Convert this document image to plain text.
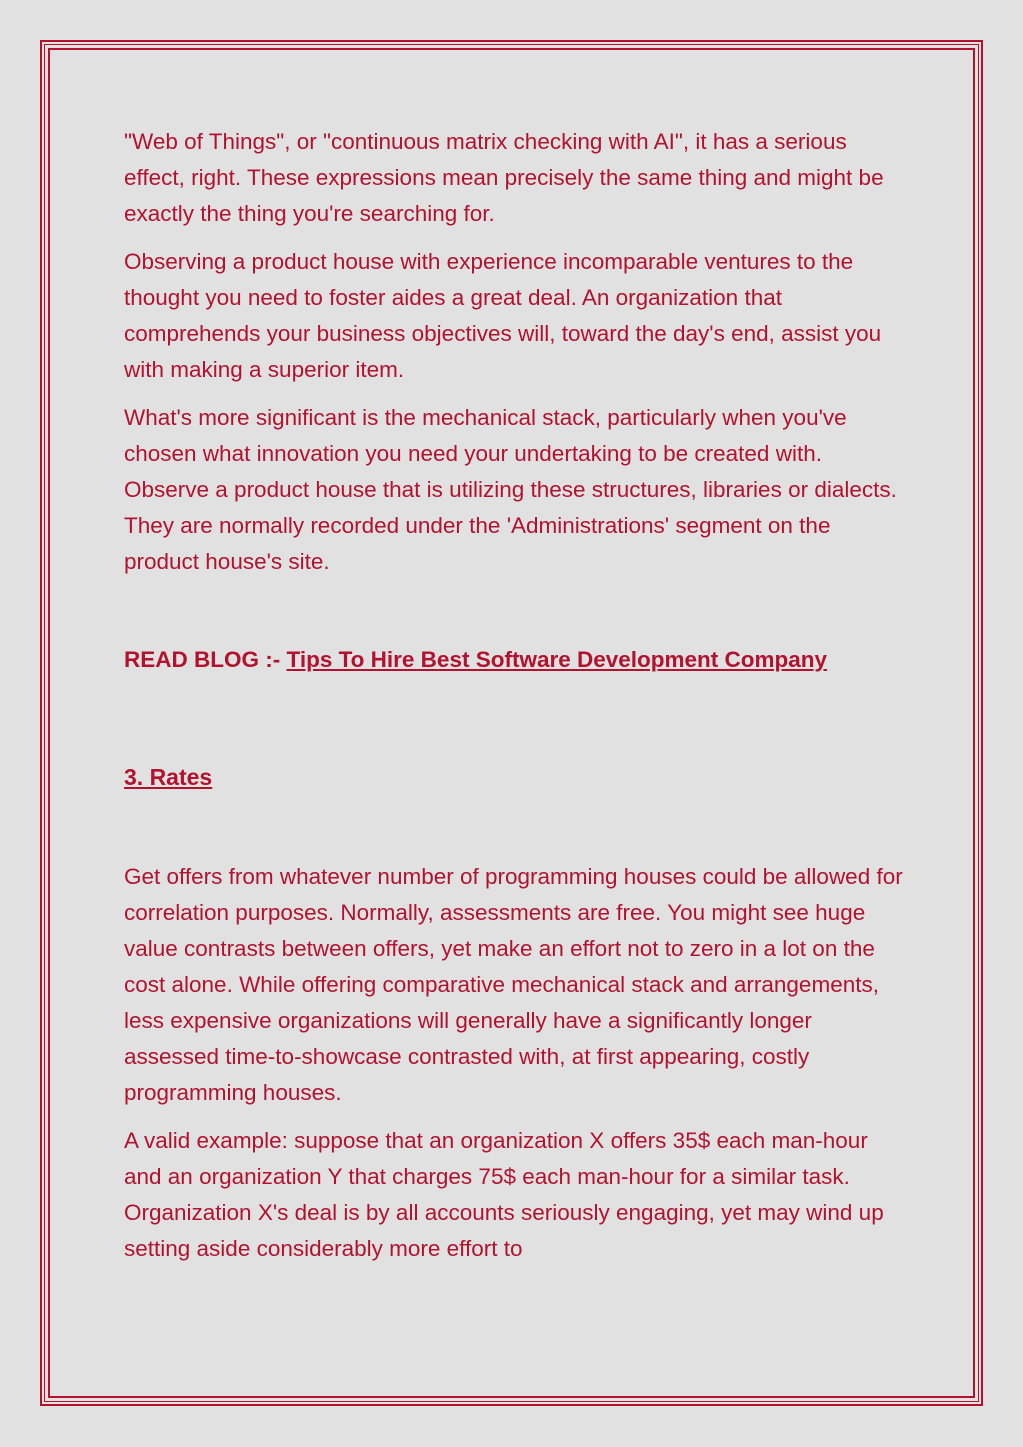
"Web of Things", or "continuous matrix checking with AI", it has a serious effect, right. These expressions mean precisely the same thing and might be exactly the thing you're searching for.

Observing a product house with experience incomparable ventures to the thought you need to foster aides a great deal. An organization that comprehends your business objectives will, toward the day's end, assist you with making a superior item.

What's more significant is the mechanical stack, particularly when you've chosen what innovation you need your undertaking to be created with. Observe a product house that is utilizing these structures, libraries or dialects. They are normally recorded under the 'Administrations' segment on the product house's site.

READ BLOG :- Tips To Hire Best Software Development Company

3. Rates

Get offers from whatever number of programming houses could be allowed for correlation purposes. Normally, assessments are free. You might see huge value contrasts between offers, yet make an effort not to zero in a lot on the cost alone. While offering comparative mechanical stack and arrangements, less expensive organizations will generally have a significantly longer assessed time-to-showcase contrasted with, at first appearing, costly programming houses.

A valid example: suppose that an organization X offers 35$ each man-hour and an organization Y that charges 75$ each man-hour for a similar task. Organization X's deal is by all accounts seriously engaging, yet may wind up setting aside considerably more effort to
